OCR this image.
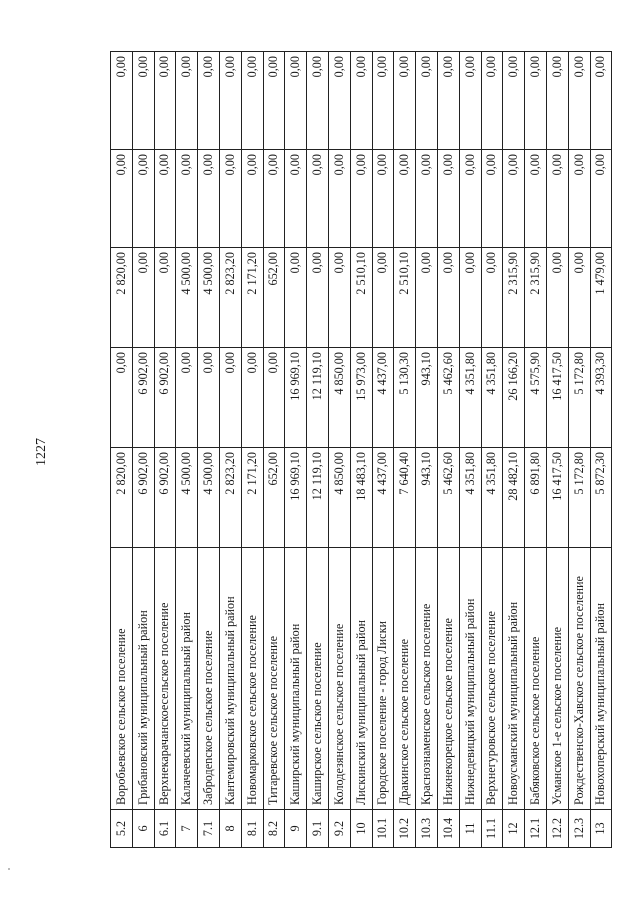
1227
5.2	Воробьевское сельское поселение	2 820,00	0,00	2 820,00	0,00	0,00
6	Грибановский муниципальный район	6 902,00	6 902,00	0,00	0,00	0,00
6.1	Верхнекарачанскоесельское поселение	6 902,00	6 902,00	0,00	0,00	0,00
7	Калачеевский муниципальный район	4 500,00	0,00	4 500,00	0,00	0,00
7.1	Забродenское сельское поселение	4 500,00	0,00	4 500,00	0,00	0,00
8	Кантемировский муниципальный район	2 823,20	0,00	2 823,20	0,00	0,00
8.1	Новомарковское сельское поселение	2 171,20	0,00	2 171,20	0,00	0,00
8.2	Титаревское сельское поселение	652,00	0,00	652,00	0,00	0,00
9	Каширский муниципальный район	16 969,10	16 969,10	0,00	0,00	0,00
9.1	Каширское сельское поселение	12 119,10	12 119,10	0,00	0,00	0,00
9.2	Колодезянское сельское поселение	4 850,00	4 850,00	0,00	0,00	0,00
10	Лискинский муниципальный район	18 483,10	15 973,00	2 510,10	0,00	0,00
10.1	Городское поселение - город Лиски	4 437,00	4 437,00	0,00	0,00	0,00
10.2	Дракинское сельское поселение	7 640,40	5 130,30	2 510,10	0,00	0,00
10.3	Краснознаменское сельское поселение	943,10	943,10	0,00	0,00	0,00
10.4	Нижнекорецкое сельское поселение	5 462,60	5 462,60	0,00	0,00	0,00
11	Нижнедевицкий муниципальный район	4 351,80	4 351,80	0,00	0,00	0,00
11.1	Верхнегуровское сельское поселение	4 351,80	4 351,80	0,00	0,00	0,00
12	Новоусманский муниципальный район	28 482,10	26 166,20	2 315,90	0,00	0,00
12.1	Бабяковское сельское поселение	6 891,80	4 575,90	2 315,90	0,00	0,00
12.2	Усманское 1-е сельское поселение	16 417,50	16 417,50	0,00	0,00	0,00
12.3	Рождественско-Хавское сельское поселение	5 172,80	5 172,80	0,00	0,00	0,00
13	Новохоперский муниципальный район	5 872,30	4 393,30	1 479,00	0,00	0,00
